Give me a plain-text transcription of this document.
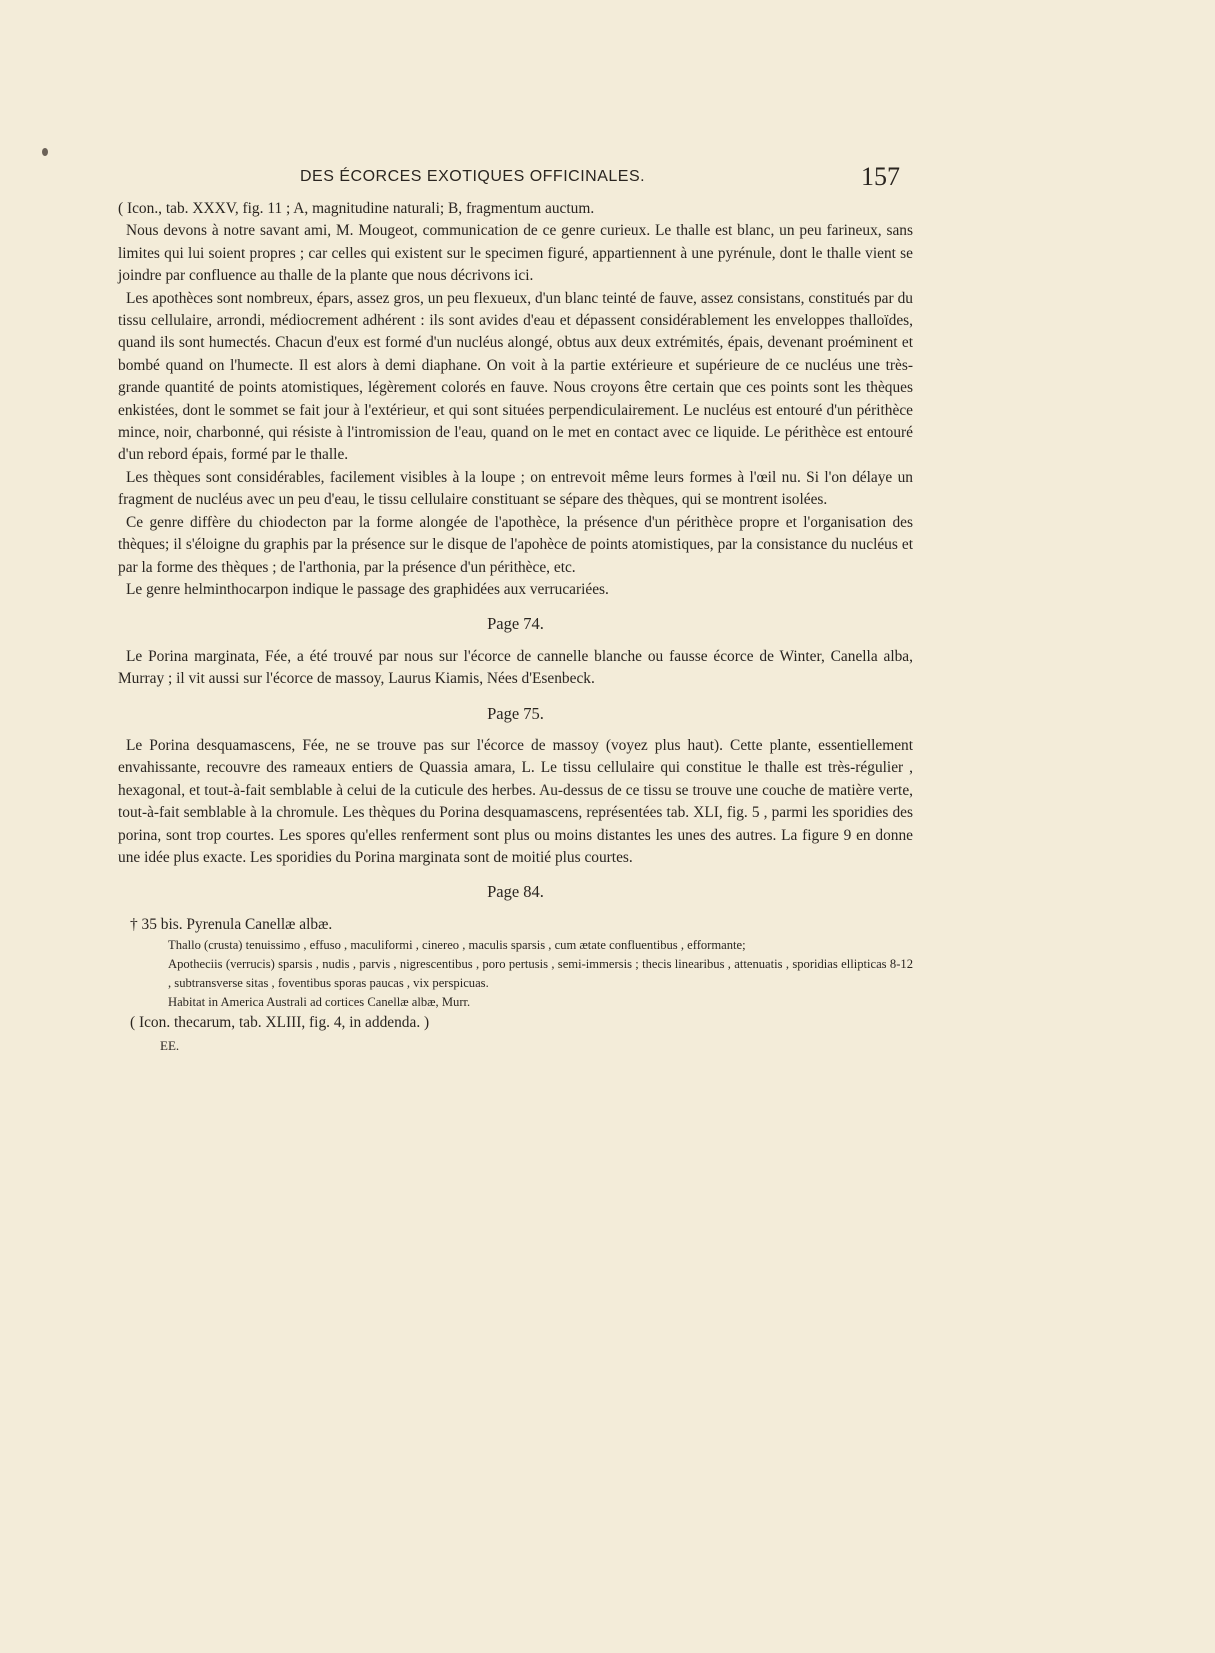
DES ÉCORCES EXOTIQUES OFFICINALES.	157

( Icon., tab. XXXV, fig. 11 ; A, magnitudine naturali; B, fragmentum auctum.

Nous devons à notre savant ami, M. Mougeot, communication de ce genre curieux. Le thalle est blanc, un peu farineux, sans limites qui lui soient propres ; car celles qui existent sur le specimen figuré, appartiennent à une pyrénule, dont le thalle vient se joindre par confluence au thalle de la plante que nous décrivons ici.

Les apothèces sont nombreux, épars, assez gros, un peu flexueux, d'un blanc teinté de fauve, assez consistans, constitués par du tissu cellulaire, arrondi, médiocrement adhérent : ils sont avides d'eau et dépassent considérablement les enveloppes thalloïdes, quand ils sont humectés. Chacun d'eux est formé d'un nucléus alongé, obtus aux deux extrémités, épais, devenant proéminent et bombé quand on l'humecte. Il est alors à demi diaphane. On voit à la partie extérieure et supérieure de ce nucléus une très-grande quantité de points atomistiques, légèrement colorés en fauve. Nous croyons être certain que ces points sont les thèques enkistées, dont le sommet se fait jour à l'extérieur, et qui sont situées perpendiculairement. Le nucléus est entouré d'un périthèce mince, noir, charbonné, qui résiste à l'intromission de l'eau, quand on le met en contact avec ce liquide. Le périthèce est entouré d'un rebord épais, formé par le thalle.

Les thèques sont considérables, facilement visibles à la loupe ; on entrevoit même leurs formes à l'œil nu. Si l'on délaye un fragment de nucléus avec un peu d'eau, le tissu cellulaire constituant se sépare des thèques, qui se montrent isolées.

Ce genre diffère du chiodecton par la forme alongée de l'apothèce, la présence d'un périthèce propre et l'organisation des thèques; il s'éloigne du graphis par la présence sur le disque de l'apohèce de points atomistiques, par la consistance du nucléus et par la forme des thèques ; de l'arthonia, par la présence d'un périthèce, etc.

Le genre helminthocarpon indique le passage des graphidées aux verrucariées.

Page 74.

Le Porina marginata, Fée, a été trouvé par nous sur l'écorce de cannelle blanche ou fausse écorce de Winter, Canella alba, Murray ; il vit aussi sur l'écorce de massoy, Laurus Kiamis, Nées d'Esenbeck.

Page 75.

Le Porina desquamascens, Fée, ne se trouve pas sur l'écorce de massoy (voyez plus haut). Cette plante, essentiellement envahissante, recouvre des rameaux entiers de Quassia amara, L. Le tissu cellulaire qui constitue le thalle est très-régulier , hexagonal, et tout-à-fait semblable à celui de la cuticule des herbes. Au-dessus de ce tissu se trouve une couche de matière verte, tout-à-fait semblable à la chromule. Les thèques du Porina desquamascens, représentées tab. XLI, fig. 5 , parmi les sporidies des porina, sont trop courtes. Les spores qu'elles renferment sont plus ou moins distantes les unes des autres. La figure 9 en donne une idée plus exacte. Les sporidies du Porina marginata sont de moitié plus courtes.

Page 84.

† 35 bis. Pyrenula Canellæ albæ.

Thallo (crusta) tenuissimo , effuso , maculiformi , cinereo , maculis sparsis , cum ætate confluentibus , efformante;

Apotheciis (verrucis) sparsis , nudis , parvis , nigrescentibus , poro pertusis , semi-immersis ; thecis linearibus , attenuatis , sporidias ellipticas 8-12 , subtransverse sitas , foventibus sporas paucas , vix perspicuas.

Habitat in America Australi ad cortices Canellæ albæ, Murr.

( Icon. thecarum, tab. XLIII, fig. 4, in addenda. )

EE.
